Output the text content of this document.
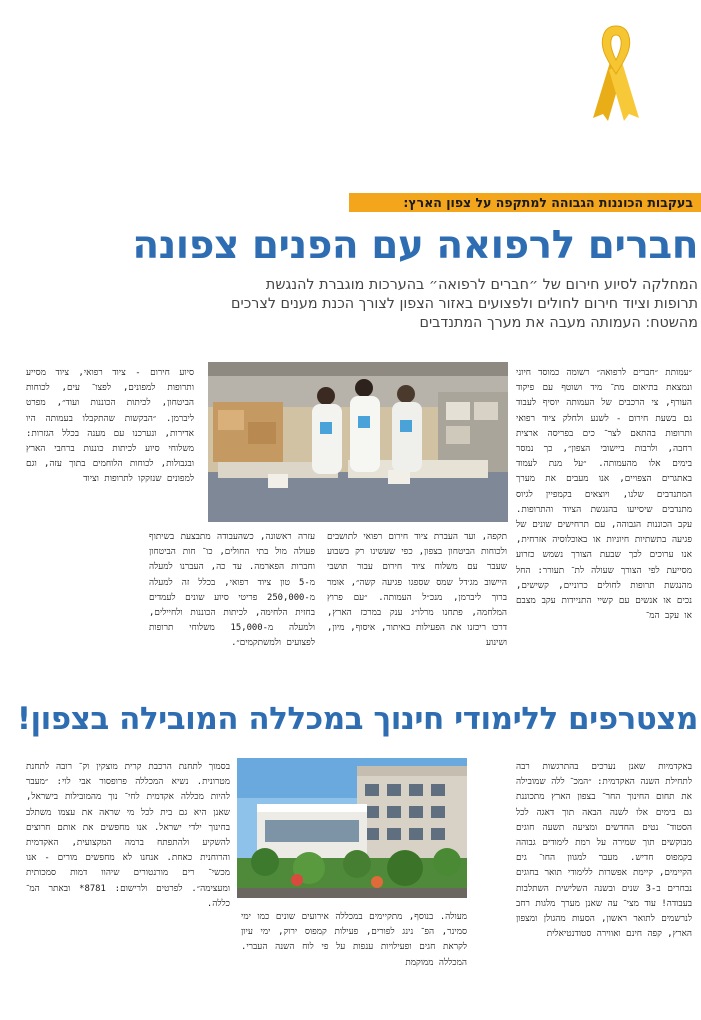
בעקבות הכוננות הגבוהה למתקפה על צפון הארץ:
חברים לרפואה עם הפנים צפונה
המחלקה לסיוע חירום של ״חברים לרפואה״ בהערכות מוגברת להנגשת
תרופות וציוד חירום לחולים ולפצועים באזור הצפון לצורך הכנת מענים לצרכים
מהשטח: העמותה מעבה את מערך המתנדבים

״עמותת ״חברים לרפואה״ רשומה כמוסד חיוני ונמצאת בתיאום מת־ מיד ושוטף עם פיקוד העורף, צי הרכבים של העמותה יוסיף לעבוד גם בשעת חירום - לשנע ולחלק ציוד רפואי ותרופות בהתאם לצר־ כים בפריסה ארצית רחבה, ולרבות ביישובי הצפון״, כך נמסר בימים אלו מהעמותה. ״על מנת לעמוד באתגרים הצפויים, אנו מעבים את מערך המתנדבים שלנו, ויוצאים בקמפיין לגיוס מתנדבים שיסייעו בהנגשת הציוד והתרופות. עקב הכוננות הגבוהה, עם תרחישים שונים של פגיעה בתשתיות חיוניות או באוכלוסיה אזרחית, אנו ערוכים לכך שבעת הצורך נשמש כזרוע מסייעת לפי הצורך שעולה לת־ תעורר: החל מהנגשת תרופות לחולים כרוניים, קשישים, נכים או אנשים עם קשיי התניידות עקב מצבם או עקב המ־

תקפה, ועד העברת ציוד חירום רפואי לתושבים ולכוחות הביטחון בצפון, כפי שעשינו רק בשבוע שעבר עם משלוח ציוד חירום עבור תושבי היישוב מג׳דל שמס שספגו פגיעה קשה״, אומר ברוך ליברמן, מנכ״ל העמותה. ״עם פרוץ המלחמה, פתחנו מרלו״ג ענק במרכז הארץ, דרכו ריכזנו את הפעילות באיתור, איסוף, מיון, ושינוע

עזרה ראשונה, כשהעבודה מתבצעת בשיתוף פעולה מול בתי החולים, כו־ חות הביטחון וחברות הפארמה. עד כה, העברנו למעלה מ-5 טון ציוד רפואי, בכלל זה למעלה מ-250,000 פריטי סיוע שונים לעמדים בחזית הלחימה, לכיתות הכוננות ולחיילים, ולמעלה מ-15,000 משלוחי תרופות לפצועים ולמשתקמים״.

סיוע חירום - ציוד רפואי, ציוד מסייע ותרופות למפונים, לפצו־ עים, לכוחות הביטחון, לכיתות הכוננות ועוד״, מפרט ליברמן. ״הבקשות שהתקבלו בעמותה היו אדירות, ונערכנו עם מענה בכלל הגזרות: משלוחי סיוע לכיתות כוננות ברחבי הארץ ובגבולות, לכוחות הלוחמים בתוך עזה, וגם למפונים שנזקקו לתרופות וציוד

מצטרפים ללימודי חינוך במכללה המובילה בצפון!

באקדמיות שאנן נערכים בהתרגשות רבה לתחילת השנה האקדמית: ״המכ־ ללה שמובילה את תחום החינוך החר־ בצפון הארץ מתכוננת גם בימים אלו לשנה הבאה תוך דאגה לכל הסטוד־ נטים החדשים ומציעה תשעה חוגים מבוקשים תוך שמירה על רמת לימודים גבוהה בקמפוס חדיש. מעבר למגוון החו־ גים הקיימים, קיימת אפשרות ללימודי תואר בחוגים נבחרים ב-3 שנים ובשנה השלישית השתלבות בעבודה! עוד מצי־ עה שאנן מערך מלגות רחב לנרשמים לתואר ראשון, הסעות מהגולן ומצפון הארץ, קפה חינם ואווירה סטודנטיאלית

מעולה. בנוסף, מתקיימים במכללה אירועים שונים כמו ימי סמינר, הפ־ נינג לפורים, פעילות קמפוס ירוק, ימי עיון לקראת חגים ופעילויות ענפות על פי לוח השנה העברי. המכללה ממוקמת

בסמוך לתחנת הרכבת קרית מוצקין וק־ רובה לתחנת מטרונית. נשיא המכללה פרופסור אבי לוי: ״מעבר להיות מכללה אקדמית לחי־ נוך מהמובילות בישראל, שאנן היא גם בית לכל מי שראה את עצמו משתלב בחינוך ילדי ישראל. אנו מחפשים את אותם חרוצים להשקיע ולהתפתח ברמה המקצועית, האקדמית והרוחנית כאחת. אנחנו לא מחפשים מורים - אנו מכשי־ רים מורנטורים שיהוו דמות סמכותית ומעצימה״. לפרטים ולרישום: 8781* ובאתר המ־ כללה.
